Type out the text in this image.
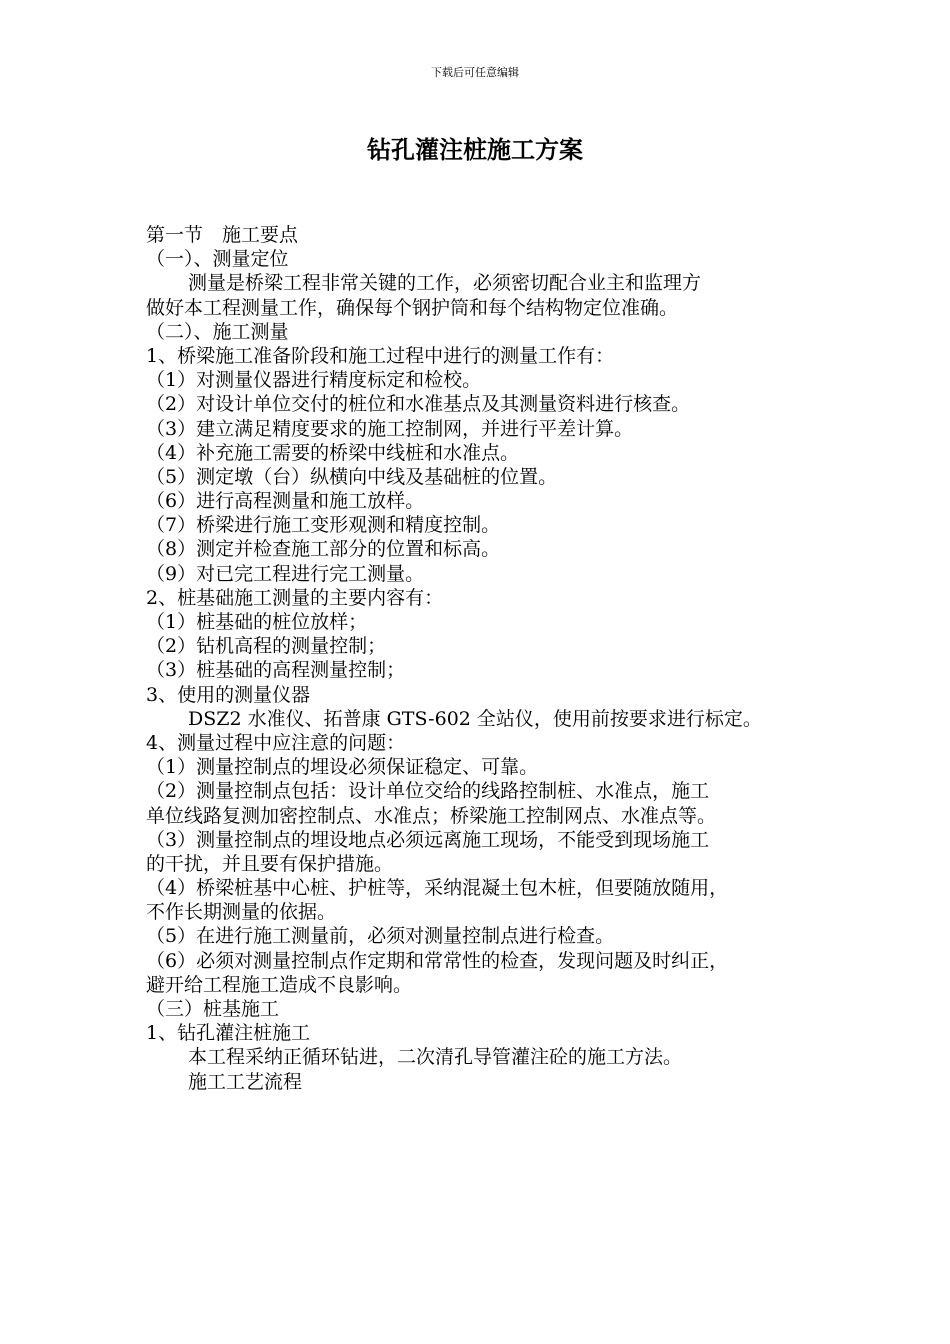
下载后可任意编辑
钻孔灌注桩施工方案
第一节　施工要点
（一）、测量定位
测量是桥梁工程非常关键的工作，必须密切配合业主和监理方
做好本工程测量工作，确保每个钢护筒和每个结构物定位准确。
（二）、施工测量
1、桥梁施工准备阶段和施工过程中进行的测量工作有：
（1）对测量仪器进行精度标定和检校。
（2）对设计单位交付的桩位和水准基点及其测量资料进行核查。
（3）建立满足精度要求的施工控制网，并进行平差计算。
（4）补充施工需要的桥梁中线桩和水准点。
（5）测定墩（台）纵横向中线及基础桩的位置。
（6）进行高程测量和施工放样。
（7）桥梁进行施工变形观测和精度控制。
（8）测定并检查施工部分的位置和标高。
（9）对已完工程进行完工测量。
2、桩基础施工测量的主要内容有：
（1）桩基础的桩位放样；
（2）钻机高程的测量控制；
（3）桩基础的高程测量控制；
3、使用的测量仪器
DSZ2 水准仪、拓普康 GTS-602 全站仪，使用前按要求进行标定。
4、测量过程中应注意的问题：
（1）测量控制点的埋设必须保证稳定、可靠。
（2）测量控制点包括：设计单位交给的线路控制桩、水准点，施工
单位线路复测加密控制点、水准点；桥梁施工控制网点、水准点等。
（3）测量控制点的埋设地点必须远离施工现场，不能受到现场施工
的干扰，并且要有保护措施。
（4）桥梁桩基中心桩、护桩等，采纳混凝土包木桩，但要随放随用，
不作长期测量的依据。
（5）在进行施工测量前，必须对测量控制点进行检查。
（6）必须对测量控制点作定期和常常性的检查，发现问题及时纠正，
避开给工程施工造成不良影响。
（三）桩基施工
1、钻孔灌注桩施工
本工程采纳正循环钻进，二次清孔导管灌注砼的施工方法。
施工工艺流程
